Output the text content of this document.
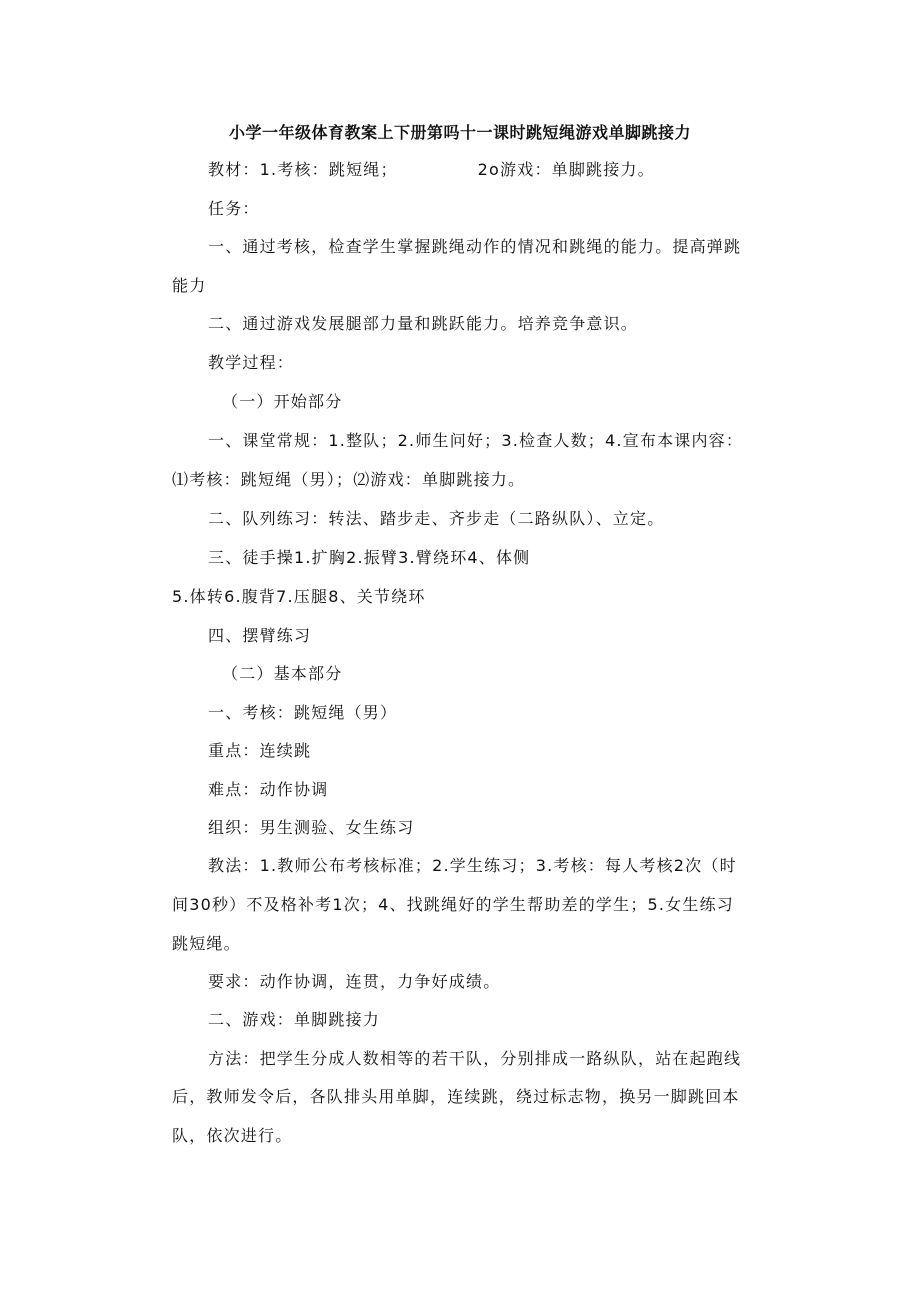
小学一年级体育教案上下册第吗十一课时跳短绳游戏单脚跳接力
教材：1.考核：跳短绳；	2o游戏：单脚跳接力。
任务：
一、通过考核，检查学生掌握跳绳动作的情况和跳绳的能力。提高弹跳
能力
二、通过游戏发展腿部力量和跳跃能力。培养竞争意识。
教学过程：
（一）开始部分
一、课堂常规：1.整队；2.师生问好；3.检查人数；4.宣布本课内容：
⑴考核：跳短绳（男）；⑵游戏：单脚跳接力。
二、队列练习：转法、踏步走、齐步走（二路纵队）、立定。
三、徒手操1.扩胸2.振臂3.臂绕环4、体侧
5.体转6.腹背7.压腿8、关节绕环
四、摆臂练习
（二）基本部分
一、考核：跳短绳（男）
重点：连续跳
难点：动作协调
组织：男生测验、女生练习
教法：1.教师公布考核标准；2.学生练习；3.考核：每人考核2次（时
间30秒）不及格补考1次；4、找跳绳好的学生帮助差的学生；5.女生练习
跳短绳。
要求：动作协调，连贯，力争好成绩。
二、游戏：单脚跳接力
方法：把学生分成人数相等的若干队，分别排成一路纵队，站在起跑线
后，教师发令后，各队排头用单脚，连续跳，绕过标志物，换另一脚跳回本
队，依次进行。
